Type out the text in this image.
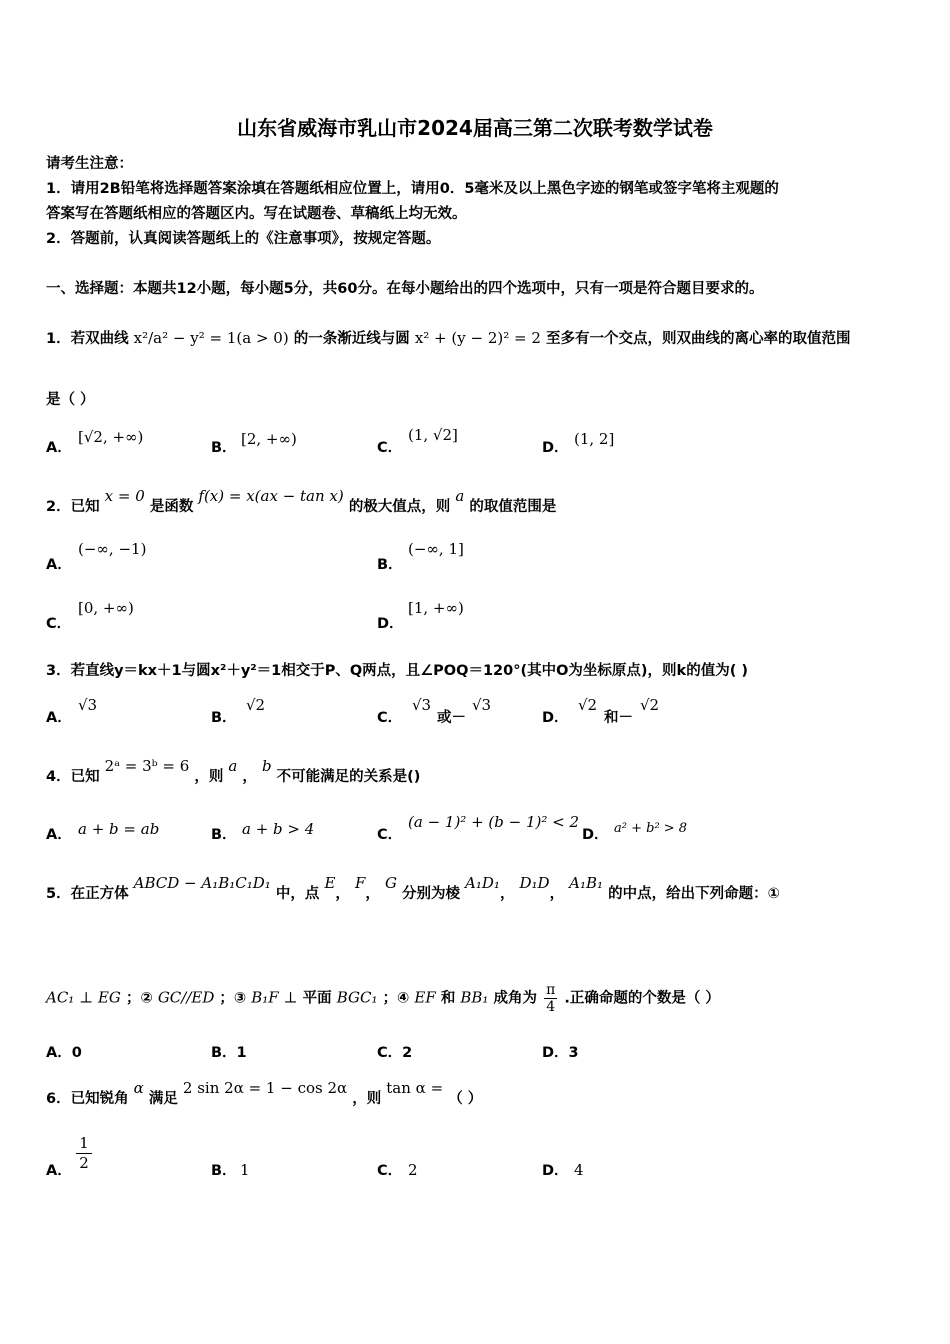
山东省威海市乳山市2024届高三第二次联考数学试卷
请考生注意：
1．请用2B铅笔将选择题答案涂填在答题纸相应位置上，请用0．5毫米及以上黑色字迹的钢笔或签字笔将主观题的
答案写在答题纸相应的答题区内。写在试题卷、草稿纸上均无效。
2．答题前，认真阅读答题纸上的《注意事项》，按规定答题。
一、选择题：本题共12小题，每小题5分，共60分。在每小题给出的四个选项中，只有一项是符合题目要求的。
1．若双曲线 x²/a² − y² = 1(a > 0) 的一条渐近线与圆 x² + (y − 2)² = 2 至多有一个交点，则双曲线的离心率的取值范围
是（ ）
A．
[√2, +∞)
B． [2, +∞)	C．
(1, √2]
D． (1, 2]
2．已知 x = 0 是函数 f(x) = x(ax − tan x) 的极大值点，则 a 的取值范围是
A．
(−∞, −1)
B．
(−∞, 1]
C．
[0, +∞)
D．
[1, +∞)
3．若直线y＝kx＋1与圆x²＋y²＝1相交于P、Q两点，且∠POQ＝120°(其中O为坐标原点)，则k的值为( )
A．
√3
B．
√2
C．
√3
或－
√3
D．
√2
和－
√2
4．已知 2ᵃ = 3ᵇ = 6 ，则 a ， b 不可能满足的关系是()
A． a + b = ab	B． a + b > 4	C．
(a − 1)² + (b − 1)² < 2
D． a² + b² > 8
5．在正方体 ABCD − A₁B₁C₁D₁ 中，点 E， F， G 分别为棱 A₁D₁， D₁D， A₁B₁ 的中点，给出下列命题：①
AC₁ ⊥ EG ；② GC//ED ；③ B₁F ⊥ 平面 BGC₁ ；④ EF 和 BB₁ 成角为 $\frac{\pi}{4}$ .正确命题的个数是（ ）
A．0	B．1	C．2	D．3
6．已知锐角 α 满足 2 sin 2α = 1 − cos 2α ，则 tan α = （ ）
A． $\frac{1}{2}$	B． 1	C． 2	D． 4
